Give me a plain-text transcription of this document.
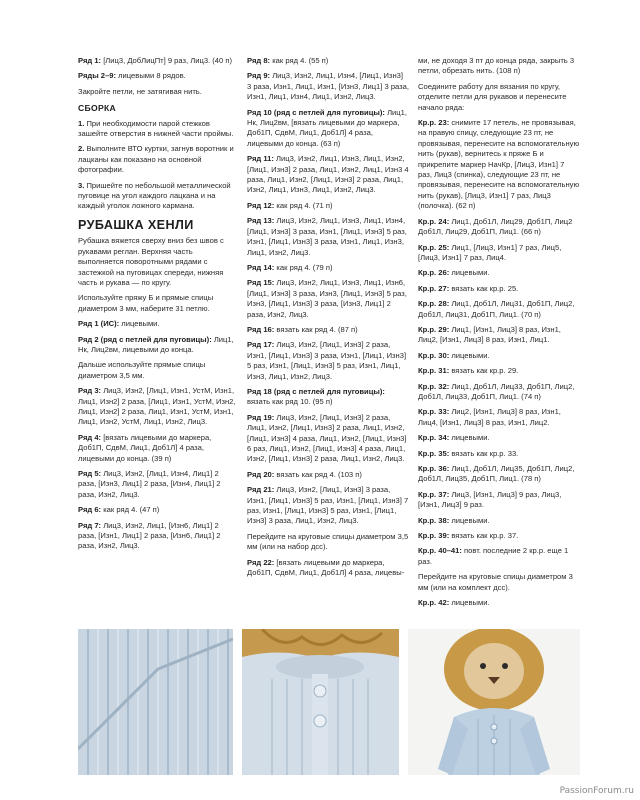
Ряд 1: [Лиц3, ДобЛицПт] 9 раз, Лиц3. (40 п)

Ряды 2–9: лицевыми 8 рядов.

Закройте петли, не затягивая нить.

СБОРКА
1. При необходимости парой стежков зашейте отверстия в нижней части проймы.
2. Выполните ВТО куртки, загнув воротник и лацканы как показано на основной фотографии.
3. Пришейте по небольшой металлической пуговице на угол каждого лацкана и на каждый уголок ложного кармана.
РУБАШКА ХЕНЛИ

Рубашка вяжется сверху вниз без швов с рукавами реглан. Верхняя часть выполняется поворотными рядами с застежкой на пуговицах спереди, нижняя часть и рукава — по кругу.

Используйте пряжу Б и прямые спицы диаметром 3 мм, наберите 31 петлю.

Ряд 1 (ИС): лицевыми.

Ряд 2 (ряд с петлей для пуговицы): Лиц1, Нк, Лиц2вм, лицевыми до конца.

Дальше используйте прямые спицы диаметром 3,5 мм.

Ряд 3: Лиц3, Изн2, [Лиц1, Изн1, УстМ, Изн1, Лиц1, Изн2] 2 раза, [Лиц1, Изн1, УстМ, Изн2, Лиц1, Изн2] 2 раза, Лиц1, Изн1, УстМ, Изн1, Лиц1, Изн2, УстМ, Лиц1, Изн2, Лиц3.

Ряд 4: [вязать лицевыми до маркера, Доб1П, СдвМ, Лиц1, Доб1Л] 4 раза, лицевыми до конца. (39 п)

Ряд 5: Лиц3, Изн2, [Лиц1, Изн4, Лиц1] 2 раза, [Изн3, Лиц1] 2 раза, [Изн4, Лиц1] 2 раза, Изн2, Лиц3.

Ряд 6: как ряд 4. (47 п)

Ряд 7: Лиц3, Изн2, Лиц1, [Изн6, Лиц1] 2 раза, [Изн1, Лиц1] 2 раза, [Изн6, Лиц1] 2 раза, Изн2, Лиц3.

Ряд 8: как ряд 4. (55 п)

Ряд 9: Лиц3, Изн2, Лиц1, Изн4, [Лиц1, Изн3] 3 раза, Изн1, Лиц1, Изн1, [Изн3, Лиц1] 3 раза, Изн1, Лиц1, Изн4, Лиц1, Изн2, Лиц3.

Ряд 10 (ряд с петлей для пуговицы): Лиц1, Нк, Лиц2вм, [вязать лицевыми до маркера, Доб1П, СдвМ, Лиц1, Доб1Л] 4 раза, лицевыми до конца. (63 п)

Ряд 11: Лиц3, Изн2, Лиц1, Изн3, Лиц1, Изн2, [Лиц1, Изн3] 2 раза, Лиц1, Изн2, Лиц1, Изн3 4 раза, Лиц1, Изн2, [Лиц1, Изн3] 2 раза, Лиц1, Изн2, Лиц1, Изн3, Лиц1, Изн2, Лиц3.

Ряд 12: как ряд 4. (71 п)

Ряд 13: Лиц3, Изн2, Лиц1, Изн3, Лиц1, Изн4, [Лиц1, Изн3] 3 раза, Изн1, [Лиц1, Изн3] 5 раз, Изн1, [Лиц1, Изн3] 3 раза, Изн1, Лиц1, Изн3, Лиц1, Изн2, Лиц3.

Ряд 14: как ряд 4. (79 п)

Ряд 15: Лиц3, Изн2, Лиц1, Изн3, Лиц1, Изн6, [Лиц1, Изн3] 3 раза, Изн3, [Лиц1, Изн3] 5 раз, Изн3, [Лиц1, Изн3] 3 раза, [Изн3, Лиц1] 2 раза, Изн2, Лиц3.

Ряд 16: вязать как ряд 4. (87 п)

Ряд 17: Лиц3, Изн2, [Лиц1, Изн3] 2 раза, Изн1, [Лиц1, Изн3] 3 раза, Изн1, [Лиц1, Изн3] 5 раз, Изн1, [Лиц1, Изн3] 5 раз, Изн1, Лиц1, Изн3, Лиц1, Изн2, Лиц3.

Ряд 18 (ряд с петлей для пуговицы): вязать как ряд 10. (95 п)

Ряд 19: Лиц3, Изн2, [Лиц1, Изн3] 2 раза, Лиц1, Изн2, [Лиц1, Изн3] 2 раза, Лиц1, Изн2, [Лиц1, Изн3] 4 раза, Лиц1, Изн2, [Лиц1, Изн3] 6 раз, Лиц1, Изн2, [Лиц1, Изн3] 4 раза, Лиц1, Изн2, [Лиц1, Изн3] 2 раза, Лиц1, Изн2, Лиц3.

Ряд 20: вязать как ряд 4. (103 п)

Ряд 21: Лиц3, Изн2, [Лиц1, Изн3] 3 раза, Изн1, [Лиц1, Изн3] 5 раз, Изн1, [Лиц1, Изн3] 7 раз, Изн1, [Лиц1, Изн3] 5 раз, Изн1, [Лиц1, Изн3] 3 раза, Лиц1, Изн2, Лиц3.

Перейдите на круговые спицы диаметром 3,5 мм (или на набор дсс).

Ряд 22: [вязать лицевыми до маркера, Доб1П, СдвМ, Лиц1, Доб1Л] 4 раза, лицевы-

ми, не доходя 3 пт до конца ряда, закрыть 3 петли, обрезать нить. (108 п)

Соедините работу для вязания по кругу, отделите петли для рукавов и перенесите начало ряда:

Кр.р. 23: снимите 17 петель, не провязывая, на правую спицу, следующие 23 пт, не провязывая, перенесите на вспомогательную нить (рукав), вернитесь к пряже Б и прикрепите маркер НачКр, [Лиц3, Изн1] 7 раз, Лиц3 (спинка), следующие 23 пт, не провязывая, перенесите на вспомогательную нить (рукав), [Лиц3, Изн1] 7 раз, Лиц3 (полочка). (62 п)

Кр.р. 24: Лиц1, Доб1Л, Лиц29, Доб1П, Лиц2 Доб1Л, Лиц29, Доб1П, Лиц1. (66 п)

Кр.р. 25: Лиц1, [Лиц3, Изн1] 7 раз, Лиц5, [Лиц3, Изн1] 7 раз, Лиц4.

Кр.р. 26: лицевыми.

Кр.р. 27: вязать как кр.р. 25.

Кр.р. 28: Лиц1, Доб1Л, Лиц31, Доб1П, Лиц2, Доб1Л, Лиц31, Доб1П, Лиц1. (70 п)

Кр.р. 29: Лиц1, [Изн1, Лиц3] 8 раз, Изн1, Лиц2, [Изн1, Лиц3] 8 раз, Изн1, Лиц1.

Кр.р. 30: лицевыми.

Кр.р. 31: вязать как кр.р. 29.

Кр.р. 32: Лиц1, Доб1Л, Лиц33, Доб1П, Лиц2, Доб1Л, Лиц33, Доб1П, Лиц1. (74 п)

Кр.р. 33: Лиц2, [Изн1, Лиц3] 8 раз, Изн1, Лиц4, [Изн1, Лиц3] 8 раз, Изн1, Лиц2.

Кр.р. 34: лицевыми.

Кр.р. 35: вязать как кр.р. 33.

Кр.р. 36: Лиц1, Доб1Л, Лиц35, Доб1П, Лиц2, Доб1Л, Лиц35, Доб1П, Лиц1. (78 п)

Кр.р. 37: Лиц3, [Изн1, Лиц3] 9 раз, Лиц3, [Изн1, Лиц3] 9 раз.

Кр.р. 38: лицевыми.

Кр.р. 39: вязать как кр.р. 37.

Кр.р. 40–41: повт. последние 2 кр.р. еще 1 раз.

Перейдите на круговые спицы диаметром 3 мм (или на комплект дсс).

Кр.р. 42: лицевыми.

PassionForum.ru
